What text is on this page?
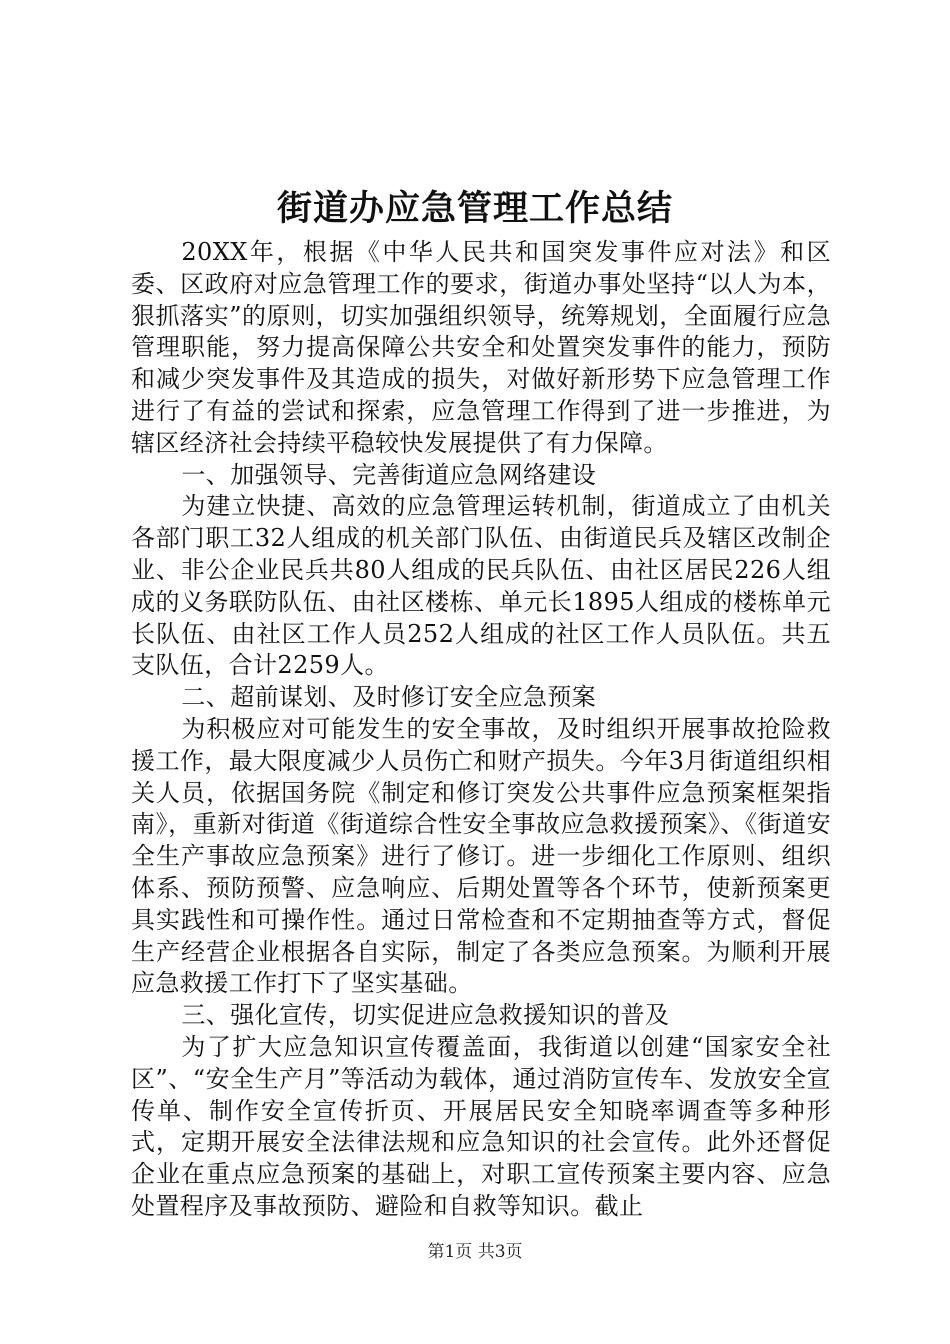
街道办应急管理工作总结

20XX年，根据《中华人民共和国突发事件应对法》和区委、区政府对应急管理工作的要求，街道办事处坚持“以人为本，狠抓落实”的原则，切实加强组织领导，统筹规划，全面履行应急管理职能，努力提高保障公共安全和处置突发事件的能力，预防和减少突发事件及其造成的损失，对做好新形势下应急管理工作进行了有益的尝试和探索，应急管理工作得到了进一步推进，为辖区经济社会持续平稳较快发展提供了有力保障。

一、加强领导、完善街道应急网络建设

为建立快捷、高效的应急管理运转机制，街道成立了由机关各部门职工32人组成的机关部门队伍、由街道民兵及辖区改制企业、非公企业民兵共80人组成的民兵队伍、由社区居民226人组成的义务联防队伍、由社区楼栋、单元长1895人组成的楼栋单元长队伍、由社区工作人员252人组成的社区工作人员队伍。共五支队伍，合计2259人。

二、超前谋划、及时修订安全应急预案

为积极应对可能发生的安全事故，及时组织开展事故抢险救援工作，最大限度减少人员伤亡和财产损失。今年3月街道组织相关人员，依据国务院《制定和修订突发公共事件应急预案框架指南》，重新对街道《街道综合性安全事故应急救援预案》、《街道安全生产事故应急预案》进行了修订。进一步细化工作原则、组织体系、预防预警、应急响应、后期处置等各个环节，使新预案更具实践性和可操作性。通过日常检查和不定期抽查等方式，督促生产经营企业根据各自实际，制定了各类应急预案。为顺利开展应急救援工作打下了坚实基础。

三、强化宣传，切实促进应急救援知识的普及

为了扩大应急知识宣传覆盖面，我街道以创建“国家安全社区”、“安全生产月”等活动为载体，通过消防宣传车、发放安全宣传单、制作安全宣传折页、开展居民安全知晓率调查等多种形式，定期开展安全法律法规和应急知识的社会宣传。此外还督促企业在重点应急预案的基础上，对职工宣传预案主要内容、应急处置程序及事故预防、避险和自救等知识。截止

第1页 共3页
